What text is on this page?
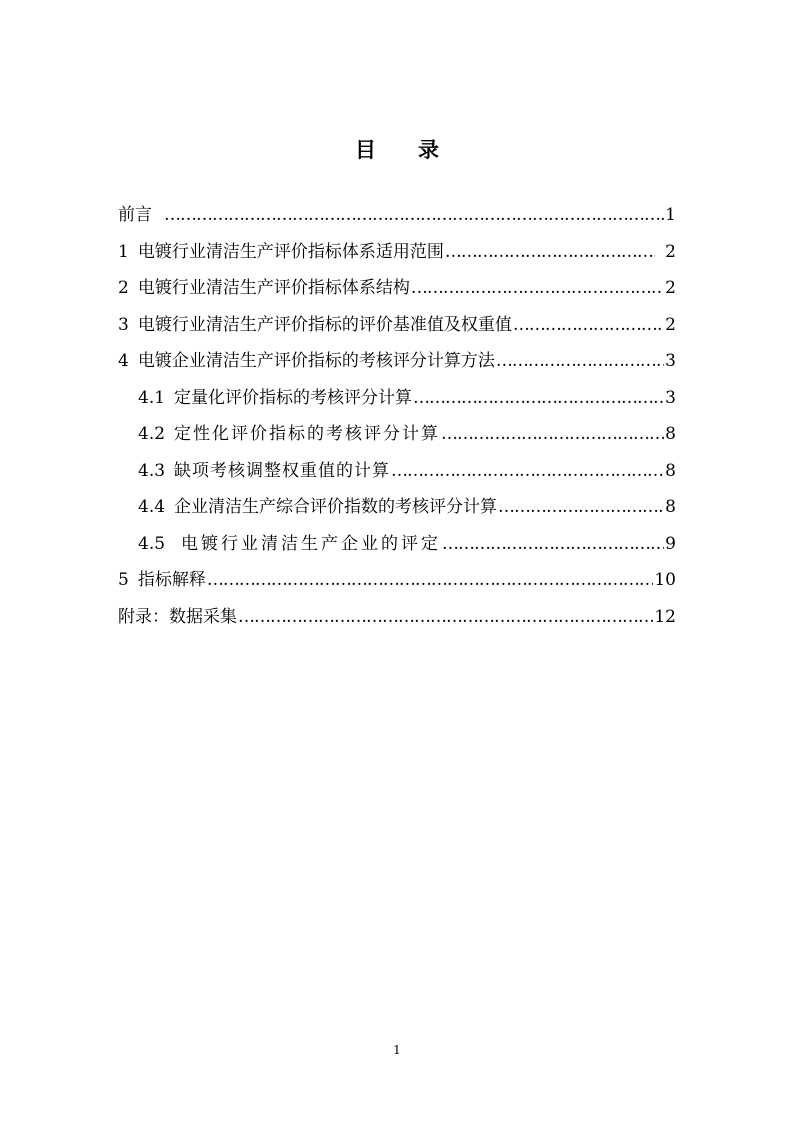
目 录
前言 ……………………………………………………………………………………………………………………………………………………………………………………………………	1
1 电镀行业清洁生产评价指标体系适用范围 ……………………………………………………………………………………………………………………………………………………………………………………………………	2
2 电镀行业清洁生产评价指标体系结构 ……………………………………………………………………………………………………………………………………………………………………………………………………	2
3 电镀行业清洁生产评价指标的评价基准值及权重值 ……………………………………………………………………………………………………………………………………………………………………………………………………	2
4 电镀企业清洁生产评价指标的考核评分计算方法 ……………………………………………………………………………………………………………………………………………………………………………………………………	3
4.1 定量化评价指标的考核评分计算 ……………………………………………………………………………………………………………………………………………………………………………………………………	3
4.2 定性化评价指标的考核评分计算 ……………………………………………………………………………………………………………………………………………………………………………………………………	8
4.3 缺项考核调整权重值的计算 ……………………………………………………………………………………………………………………………………………………………………………………………………	8
4.4 企业清洁生产综合评价指数的考核评分计算 ……………………………………………………………………………………………………………………………………………………………………………………………………	8
4.5 电镀行业清洁生产企业的评定 ……………………………………………………………………………………………………………………………………………………………………………………………………	9
5 指标解释 ……………………………………………………………………………………………………………………………………………………………………………………………………	10
附录：数据采集 ……………………………………………………………………………………………………………………………………………………………………………………………………	12
1
